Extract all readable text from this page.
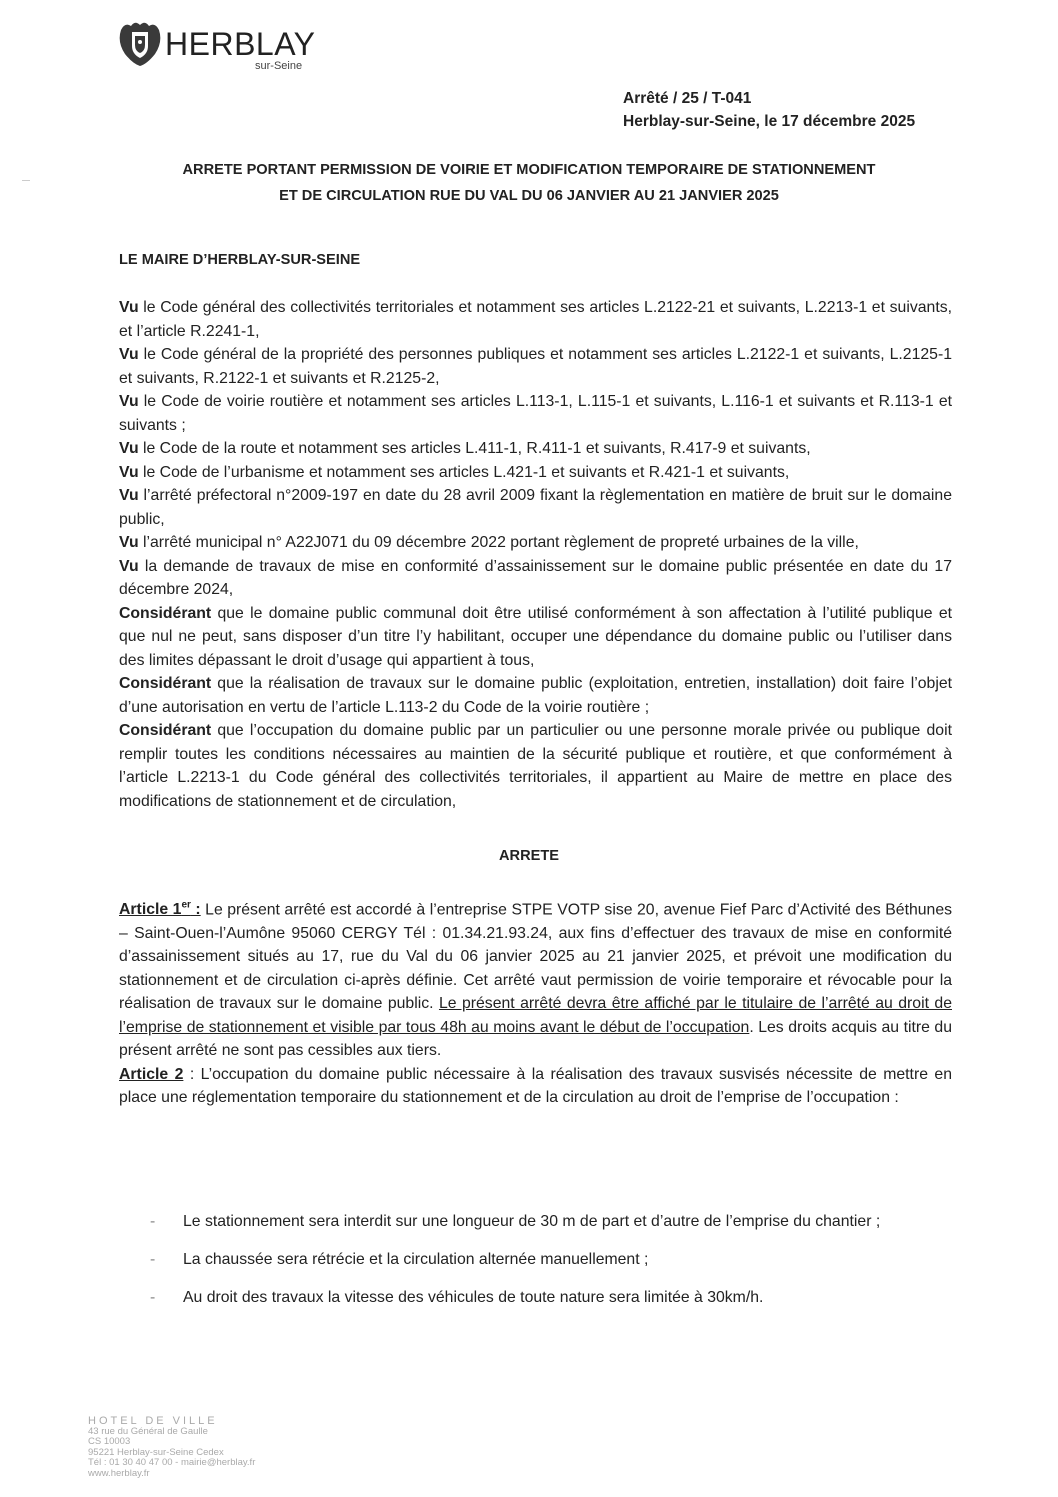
HERBLAY
sur-Seine
Arrêté / 25 / T-041
Herblay-sur-Seine, le 17 décembre 2025
ARRETE PORTANT PERMISSION DE VOIRIE ET MODIFICATION TEMPORAIRE DE STATIONNEMENT
ET DE CIRCULATION RUE DU VAL DU 06 JANVIER AU 21 JANVIER 2025
LE MAIRE D’HERBLAY-SUR-SEINE

Vu le Code général des collectivités territoriales et notamment ses articles L.2122-21 et suivants, L.2213-1 et suivants, et l’article R.2241-1,

Vu le Code général de la propriété des personnes publiques et notamment ses articles L.2122-1 et suivants, L.2125-1 et suivants, R.2122-1 et suivants et R.2125-2,

Vu le Code de voirie routière et notamment ses articles L.113-1, L.115-1 et suivants, L.116-1 et suivants et R.113-1 et suivants ;

Vu le Code de la route et notamment ses articles L.411-1, R.411-1 et suivants, R.417-9 et suivants,

Vu le Code de l’urbanisme et notamment ses articles L.421-1 et suivants et R.421-1 et suivants,

Vu l’arrêté préfectoral n°2009-197 en date du 28 avril 2009 fixant la règlementation en matière de bruit sur le domaine public,

Vu l’arrêté municipal n° A22J071 du 09 décembre 2022 portant règlement de propreté urbaines de la ville,

Vu la demande de travaux de mise en conformité d’assainissement sur le domaine public présentée en date du 17 décembre 2024,

Considérant que le domaine public communal doit être utilisé conformément à son affectation à l’utilité publique et que nul ne peut, sans disposer d’un titre l’y habilitant, occuper une dépendance du domaine public ou l’utiliser dans des limites dépassant le droit d’usage qui appartient à tous,

Considérant que la réalisation de travaux sur le domaine public (exploitation, entretien, installation) doit faire l’objet d’une autorisation en vertu de l’article L.113-2 du Code de la voirie routière ;

Considérant que l’occupation du domaine public par un particulier ou une personne morale privée ou publique doit remplir toutes les conditions nécessaires au maintien de la sécurité publique et routière, et que conformément à l’article L.2213-1 du Code général des collectivités territoriales, il appartient au Maire de mettre en place des modifications de stationnement et de circulation,

ARRETE

Article 1er : Le présent arrêté est accordé à l’entreprise STPE VOTP sise 20, avenue Fief Parc d’Activité des Béthunes – Saint-Ouen-l’Aumône 95060 CERGY Tél : 01.34.21.93.24, aux fins d’effectuer des travaux de mise en conformité d’assainissement situés au 17, rue du Val du 06 janvier 2025 au 21 janvier 2025, et prévoit une modification du stationnement et de circulation ci-après définie. Cet arrêté vaut permission de voirie temporaire et révocable pour la réalisation de travaux sur le domaine public. Le présent arrêté devra être affiché par le titulaire de l’arrêté au droit de l’emprise de stationnement et visible par tous 48h au moins avant le début de l’occupation. Les droits acquis au titre du présent arrêté ne sont pas cessibles aux tiers.

Article 2 : L’occupation du domaine public nécessaire à la réalisation des travaux susvisés nécessite de mettre en place une réglementation temporaire du stationnement et de la circulation au droit de l’emprise de l’occupation :

- Le stationnement sera interdit sur une longueur de 30 m de part et d’autre de l’emprise du chantier ;
- La chaussée sera rétrécie et la circulation alternée manuellement ;
- Au droit des travaux la vitesse des véhicules de toute nature sera limitée à 30km/h.
HOTEL DE VILLE
43 rue du Général de Gaulle
CS 10003
95221 Herblay-sur-Seine Cedex
Tél : 01 30 40 47 00 - mairie@herblay.fr
www.herblay.fr
